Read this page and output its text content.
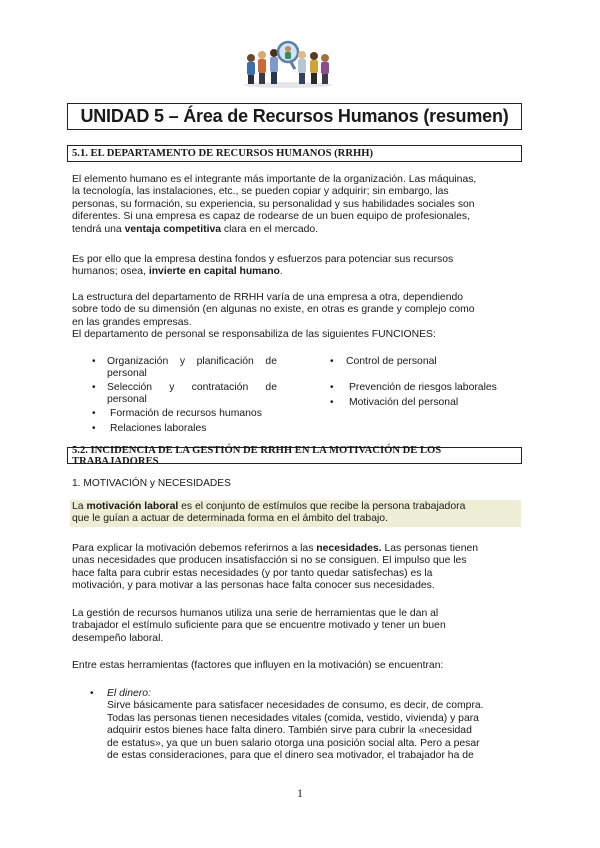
UNIDAD 5 – Área de Recursos Humanos (resumen)
5.1. EL DEPARTAMENTO DE RECURSOS HUMANOS (RRHH)

El elemento humano es el integrante más importante de la organización. Las máquinas,

la tecnología, las instalaciones, etc., se pueden copiar y adquirir; sin embargo, las

personas, su formación, su experiencia, su personalidad y sus habilidades sociales son

diferentes. Si una empresa es capaz de rodearse de un buen equipo de profesionales,

tendrá una ventaja competitiva clara en el mercado.

Es por ello que la empresa destina fondos y esfuerzos para potenciar sus recursos

humanos; osea, invierte en capital humano.

La estructura del departamento de RRHH varía de una empresa a otra, dependiendo

sobre todo de su dimensión (en algunas no existe, en otras es grande y complejo como

en las grandes empresas.

El departamento de personal se responsabiliza de las siguientes FUNCIONES:

• Organización y planificación de personal
• Selección y contratación de personal
• Formación de recursos humanos
• Relaciones laborales
• Control de personal
• Prevención de riesgos laborales
• Motivación del personal
5.2. INCIDENCIA DE LA GESTIÓN DE RRHH EN LA MOTIVACIÓN DE LOS TRABAJADORES
1. MOTIVACIÓN y NECESIDADES

La motivación laboral es el conjunto de estímulos que recibe la persona trabajadora

que le guían a actuar de determinada forma en el ámbito del trabajo.

Para explicar la motivación debemos referirnos a las necesidades. Las personas tienen

unas necesidades que producen insatisfacción si no se consiguen. El impulso que les

hace falta para cubrir estas necesidades (y por tanto quedar satisfechas) es la

motivación, y para motivar a las personas hace falta conocer sus necesidades.

La gestión de recursos humanos utiliza una serie de herramientas que le dan al

trabajador el estímulo suficiente para que se encuentre motivado y tener un buen

desempeño laboral.

Entre estas herramientas (factores que influyen en la motivación) se encuentran:

• El dinero:

Sirve básicamente para satisfacer necesidades de consumo, es decir, de compra.

Todas las personas tienen necesidades vitales (comida, vestido, vivienda) y para

adquirir estos bienes hace falta dinero. También sirve para cubrir la «necesidad

de estatus», ya que un buen salario otorga una posición social alta. Pero a pesar

de estas consideraciones, para que el dinero sea motivador, el trabajador ha de

1
